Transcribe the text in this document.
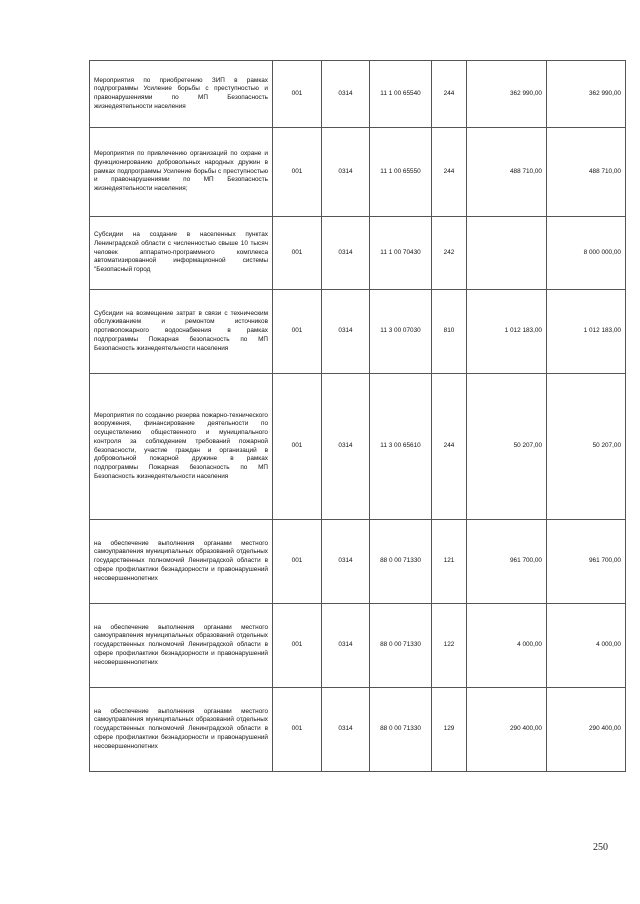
Мероприятия по приобретению ЗИП в рамках подпрограммы Усиление борьбы с преступностью и правонарушениями по МП Безопасность жизнедеятельности населения	001	0314	11 1 00 65540	244	362 990,00	362 990,00
Мероприятия по привлечению организаций по охране и функционированию добровольных народных дружин в рамках подпрограммы Усиление борьбы с преступностью и правонарушениями по МП Безопасность жизнедеятельности населения;	001	0314	11 1 00 65550	244	488 710,00	488 710,00
Субсидии на создание в населенных пунктах Ленинградской области с численностью свыше 10 тысяч человек аппаратно-программного комплекса автоматизированной информационной системы "Безопасный город	001	0314	11 1 00 70430	242		8 000 000,00
Субсидии на возмещение затрат в связи с техническим обслуживанием и ремонтом источников противопожарного водоснабжения в рамках подпрограммы Пожарная безопасность по МП Безопасность жизнедеятельности населения	001	0314	11 3 00 07030	810	1 012 183,00	1 012 183,00
Мероприятия по созданию резерва пожарно-технического вооружения, финансирование деятельности по осуществлению общественного и муниципального контроля за соблюдением требований пожарной безопасности, участие граждан и организаций в добровольной пожарной дружине в рамках подпрограммы Пожарная безопасность по МП Безопасность жизнедеятельности населения	001	0314	11 3 00 65610	244	50 207,00	50 207,00
на обеспечение выполнения органами местного самоуправления муниципальных образований отдельных государственных полномочий Ленинградской области в сфере профилактики безнадзорности и правонарушений несовершеннолетних	001	0314	88 0 00 71330	121	961 700,00	961 700,00
на обеспечение выполнения органами местного самоуправления муниципальных образований отдельных государственных полномочий Ленинградской области в сфере профилактики безнадзорности и правонарушений несовершеннолетних	001	0314	88 0 00 71330	122	4 000,00	4 000,00
на обеспечение выполнения органами местного самоуправления муниципальных образований отдельных государственных полномочий Ленинградской области в сфере профилактики безнадзорности и правонарушений несовершеннолетних	001	0314	88 0 00 71330	129	290 400,00	290 400,00
250
